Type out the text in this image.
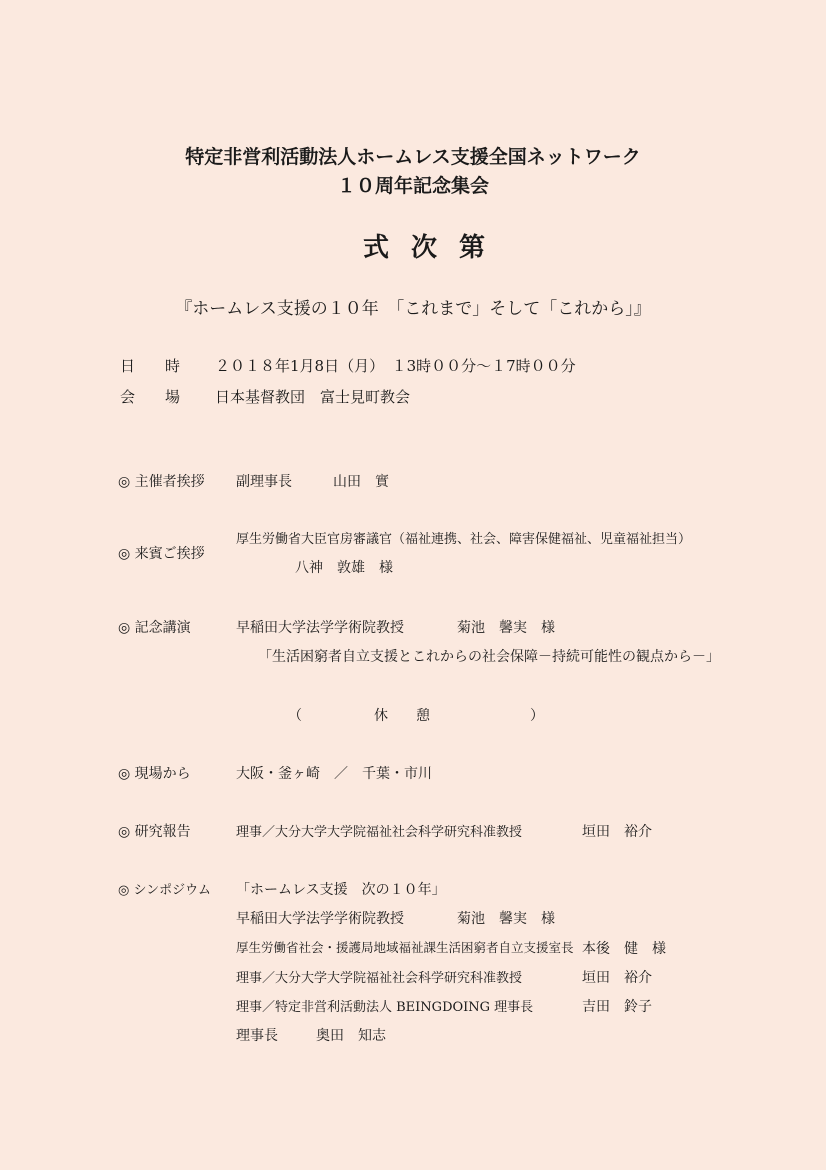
特定非営利活動法人ホームレス支援全国ネットワーク
１０周年記念集会
式次第
『ホームレス支援の１０年　「これまで」そして「これから」』
日　　時 ２０１８年1月8日（月）　１3時００分～１7時００分
会　　場 日本基督教団　富士見町教会
◎ 主催者挨拶 副理事長	山田　實
◎ 来賓ご挨拶
厚生労働省大臣官房審議官（福祉連携、社会、障害保健福祉、児童福祉担当）
八神　敦雄　様
◎ 記念講演	早稲田大学法学学術院教授	菊池　馨実　様
「生活困窮者自立支援とこれからの社会保障－持続可能性の観点から－」
（	休　　憩	）
◎ 現場から	大阪・釜ヶ崎　／　千葉・市川
◎ 研究報告	理事／大分大学大学院福祉社会科学研究科准教授	垣田　裕介
◎ シンポジウム 「ホームレス支援　次の１０年」
早稲田大学法学学術院教授	菊池　馨実　様
厚生労働省社会・援護局地域福祉課生活困窮者自立支援室長 本後　健　様
理事／大分大学大学院福祉社会科学研究科准教授	垣田　裕介
理事／特定非営利活動法人 BEINGDOING 理事長	吉田　鈴子
理事長	奥田　知志
